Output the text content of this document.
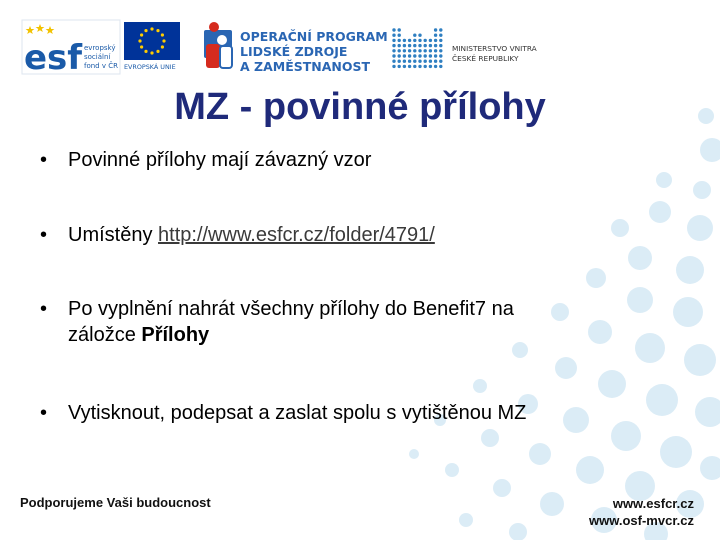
esf evropský
sociální
fond v ČR EVROPSKÁ UNIE
OPERAČNÍ PROGRAM
LIDSKÉ ZDROJE
A ZAMĚSTNANOST
MINISTERSTVO VNITRA
ČESKÉ REPUBLIKY
MZ - povinné přílohy
• Povinné přílohy mají závazný vzor
• Umístěny http://www.esfcr.cz/folder/4791/
• Po vyplnění nahrát všechny přílohy do Benefit7 na
záložce Přílohy
• Vytisknout, podepsat a zaslat spolu s vytištěnou MZ
Podporujeme Vaši budoucnost	www.esfcr.cz
www.osf-mvcr.cz
